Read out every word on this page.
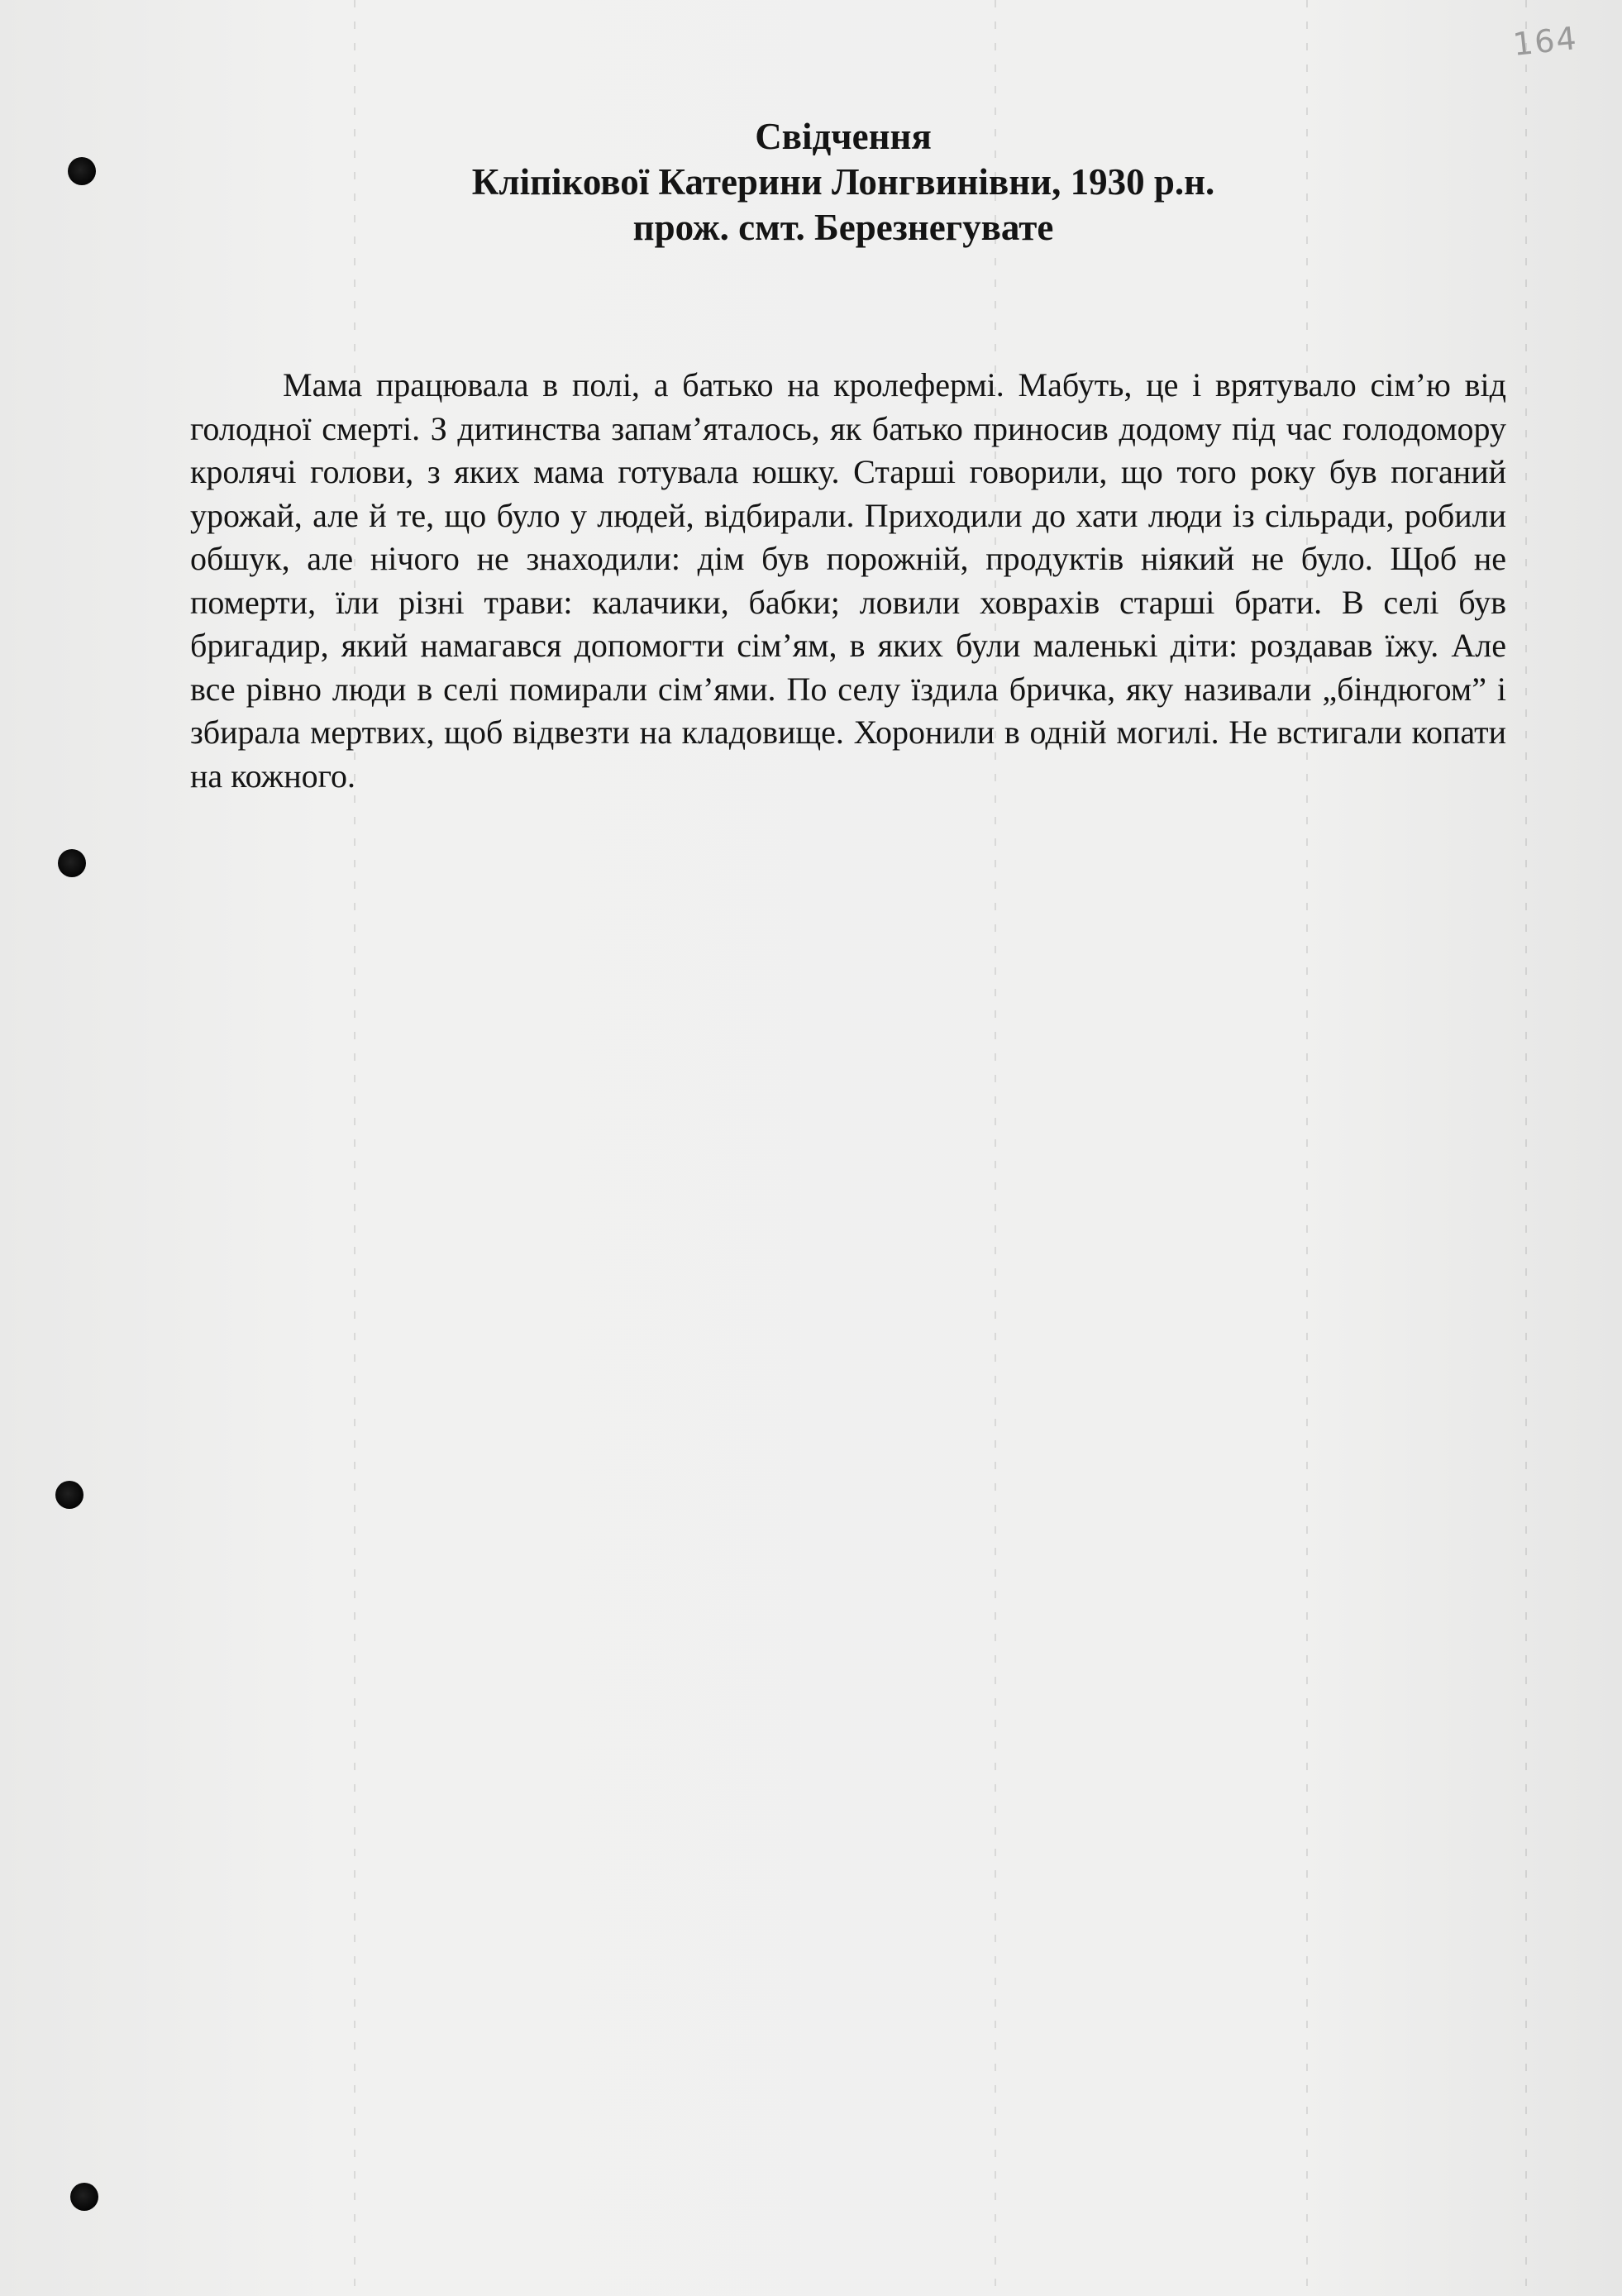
164
Свідчення
Кліпікової Катерини Лонгвинівни, 1930 р.н.
прож. смт. Березнегувате

Мама працювала в полі, а батько на кролефермі. Мабуть, це і врятувало сім’ю від голодної смерті. З дитинства запам’яталось, як батько приносив додому під час голодомору кролячі голови, з яких мама готувала юшку. Старші говорили, що того року був поганий урожай, але й те, що було у людей, відбирали. Приходили до хати люди із сільради, робили обшук, але нічого не знаходили: дім був порожній, продуктів ніякий не було. Щоб не померти, їли різні трави: калачики, бабки; ловили ховрахів старші брати. В селі був бригадир, який намагався допомогти сім’ям, в яких були маленькі діти: роздавав їжу. Але все рівно люди в селі помирали сім’ями. По селу їздила бричка, яку називали „біндюгом” і збирала мертвих, щоб відвезти на кладовище. Хоронили в одній могилі. Не встигали копати на кожного.
